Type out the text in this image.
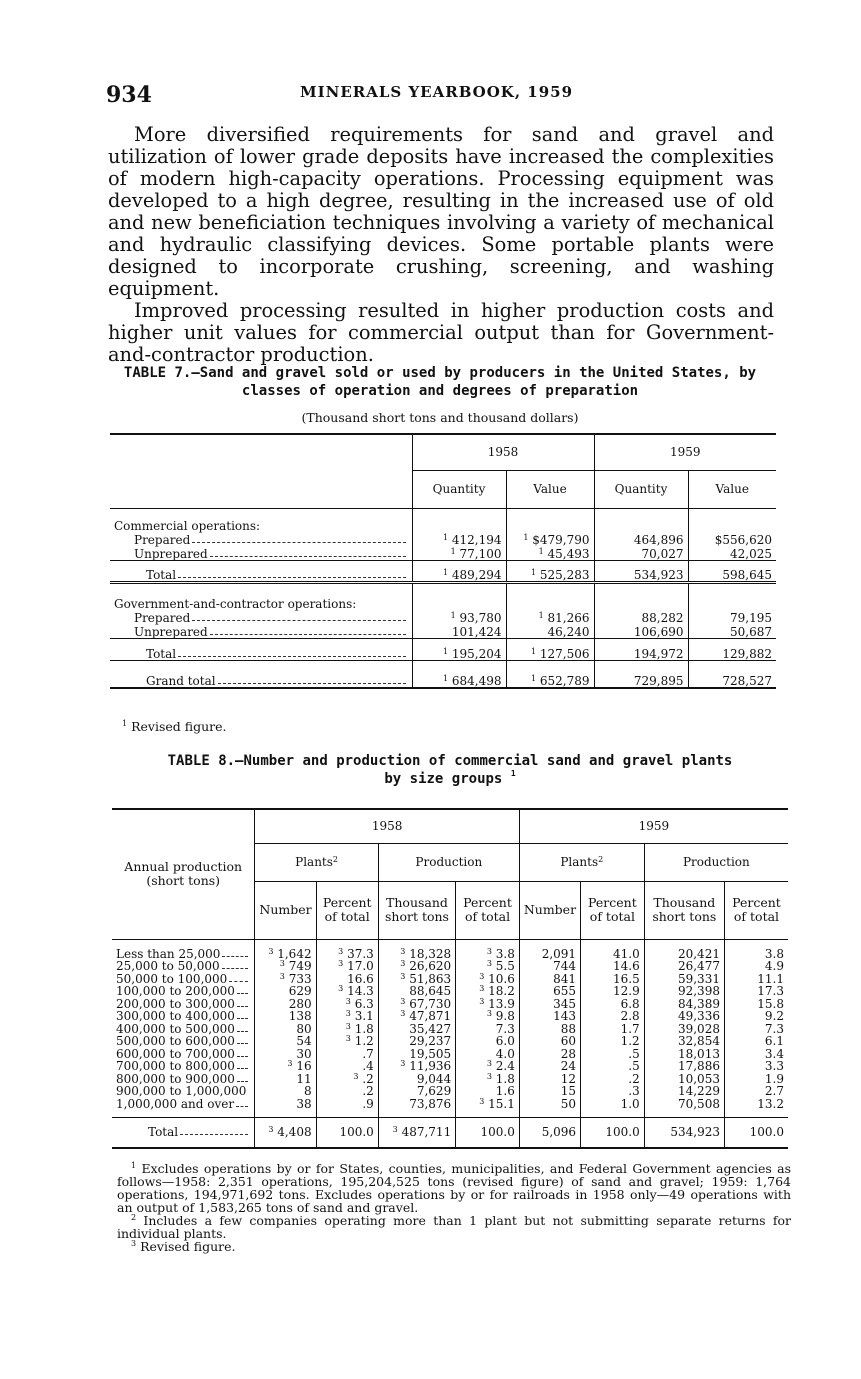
934	MINERALS YEARBOOK, 1959

More diversified requirements for sand and gravel and utilization of lower grade deposits have increased the complexities of modern high-capacity operations. Processing equipment was developed to a high degree, resulting in the increased use of old and new beneficiation techniques involving a variety of mechanical and hydraulic classifying devices. Some portable plants were designed to incorporate crushing, screening, and washing equipment.

Improved processing resulted in higher production costs and higher unit values for commercial output than for Government-and-contractor production.

TABLE 7.—Sand and gravel sold or used by producers in the United States, by
classes of operation and degrees of preparation
(Thousand short tons and thousand dollars)
	1958		1959	
	Quantity	Value	Quantity	Value
Commercial operations:				

Prepared	$^1$ 412,194	$^1$ $479,790	464,896	$556,620

Unprepared	$^1$ 77,100	$^1$ 45,493	70,027	42,025

Total	$^1$ 489,294	$^1$ 525,283	534,923	598,645
Government-and-contractor operations:				

Prepared	$^1$ 93,780	$^1$ 81,266	88,282	79,195

Unprepared	101,424	46,240	106,690	50,687

Total	$^1$ 195,204	$^1$ 127,506	194,972	129,882

Grand total	$^1$ 684,498	$^1$ 652,789	729,895	728,527
$^1$ Revised figure.
TABLE 8.—Number and production of commercial sand and gravel plants
by size groups $^1$
Annual production (short tons)	1958				1959			
	Plants$^2$		Production		Plants$^2$		Production	
	Number	Percent of total	Thousand short tons	Percent of total	Number	Percent of total	Thousand short tons	Percent of total

Less than 25,000	$^3$ 1,642	$^3$ 37.3	$^3$ 18,328	$^3$ 3.8	2,091	41.0	20,421	3.8

25,000 to 50,000	$^3$ 749	$^3$ 17.0	$^3$ 26,620	$^3$ 5.5	744	14.6	26,477	4.9

50,000 to 100,000	$^3$ 733	16.6	$^3$ 51,863	$^3$ 10.6	841	16.5	59,331	11.1

100,000 to 200,000	629	$^3$ 14.3	88,645	$^3$ 18.2	655	12.9	92,398	17.3

200,000 to 300,000	280	$^3$ 6.3	$^3$ 67,730	$^3$ 13.9	345	6.8	84,389	15.8

300,000 to 400,000	138	$^3$ 3.1	$^3$ 47,871	$^3$ 9.8	143	2.8	49,336	9.2

400,000 to 500,000	80	$^3$ 1.8	35,427	7.3	88	1.7	39,028	7.3

500,000 to 600,000	54	$^3$ 1.2	29,237	6.0	60	1.2	32,854	6.1

600,000 to 700,000	30	.7	19,505	4.0	28	.5	18,013	3.4

700,000 to 800,000	$^3$ 16	.4	$^3$ 11,936	$^3$ 2.4	24	.5	17,886	3.3

800,000 to 900,000	11	$^3$ .2	9,044	$^3$ 1.8	12	.2	10,053	1.9

900,000 to 1,000,000	8	.2	7,629	1.6	15	.3	14,229	2.7

1,000,000 and over	38	.9	73,876	$^3$ 15.1	50	1.0	70,508	13.2

Total	$^3$ 4,408	100.0	$^3$ 487,711	100.0	5,096	100.0	534,923	100.0
$^1$ Excludes operations by or for States, counties, municipalities, and Federal Government agencies as follows—1958: 2,351 operations, 195,204,525 tons (revised figure) of sand and gravel; 1959: 1,764 operations, 194,971,692 tons. Excludes operations by or for railroads in 1958 only—49 operations with an output of 1,583,265 tons of sand and gravel.
$^2$ Includes a few companies operating more than 1 plant but not submitting separate returns for individual plants.
$^3$ Revised figure.
